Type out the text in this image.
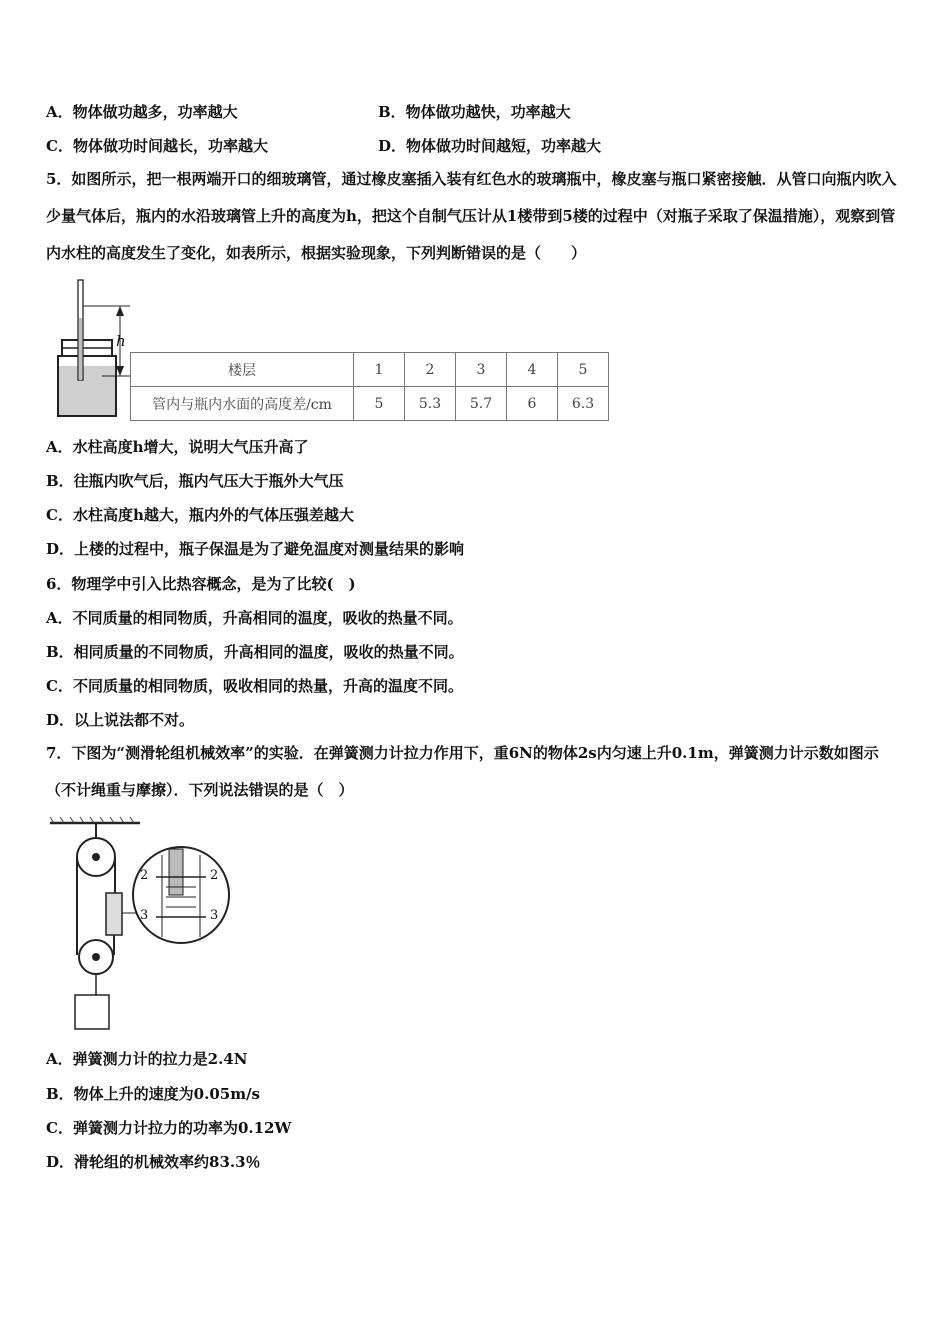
A．物体做功越多，功率越大	B．物体做功越快，功率越大
C．物体做功时间越长，功率越大	D．物体做功时间越短，功率越大
5．如图所示，把一根两端开口的细玻璃管，通过橡皮塞插入装有红色水的玻璃瓶中，橡皮塞与瓶口紧密接触．从管口向瓶内吹入少量气体后，瓶内的水沿玻璃管上升的高度为h，把这个自制气压计从1楼带到5楼的过程中（对瓶子采取了保温措施），观察到管内水柱的高度发生了变化，如表所示，根据实验现象，下列判断错误的是（　　）
h
楼层	1	2	3	4	5
管内与瓶内水面的高度差/cm	5	5.3	5.7	6	6.3
A．水柱高度h增大，说明大气压升高了
B．往瓶内吹气后，瓶内气压大于瓶外大气压
C．水柱高度h越大，瓶内外的气体压强差越大
D．上楼的过程中，瓶子保温是为了避免温度对测量结果的影响
6．物理学中引入比热容概念，是为了比较(　)
A．不同质量的相同物质，升高相同的温度，吸收的热量不同。
B．相同质量的不同物质，升高相同的温度，吸收的热量不同。
C．不同质量的相同物质，吸收相同的热量，升高的温度不同。
D．以上说法都不对。
7．下图为“测滑轮组机械效率”的实验．在弹簧测力计拉力作用下，重6N的物体2s内匀速上升0.1m，弹簧测力计示数如图示（不计绳重与摩擦）．下列说法错误的是（　）
2	2
3	3
A．弹簧测力计的拉力是2.4N
B．物体上升的速度为0.05m/s
C．弹簧测力计拉力的功率为0.12W
D．滑轮组的机械效率约83.3％
